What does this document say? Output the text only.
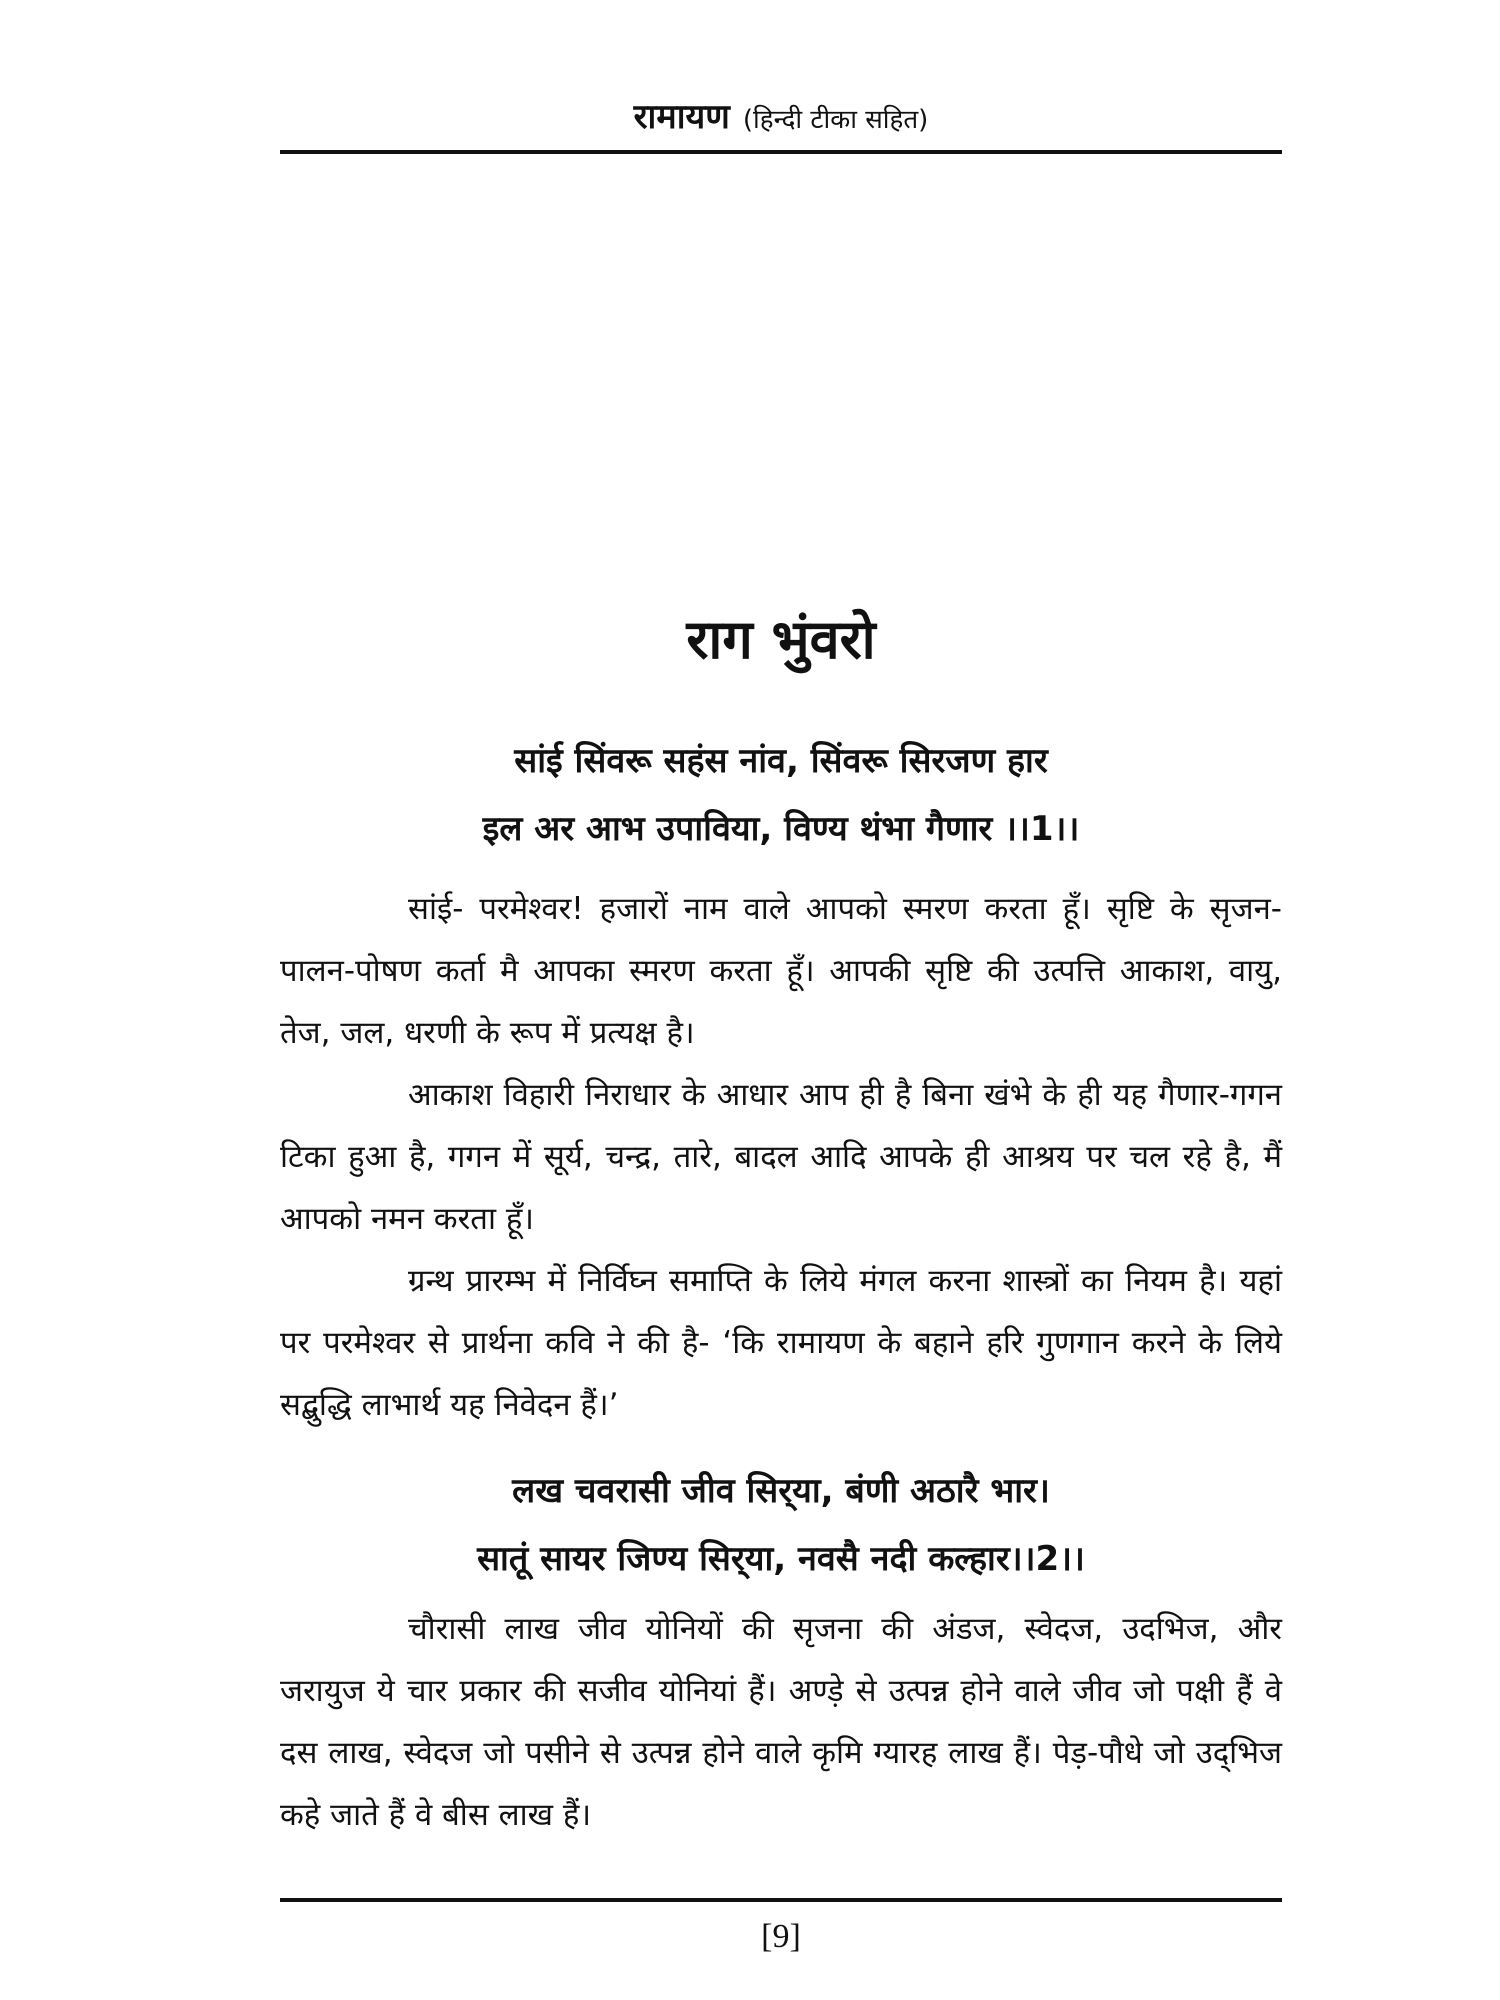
रामायण (हिन्दी टीका सहित)
राग भुंवरो
सांई सिंवरू सहंस नांव, सिंवरू सिरजण हार
इल अर आभ उपाविया, विण्य थंभा गैणार ।।1।।

सांई- परमेश्वर! हजारों नाम वाले आपको स्मरण करता हूँ। सृष्टि के सृजन-पालन-पोषण कर्ता मै आपका स्मरण करता हूँ। आपकी सृष्टि की उत्पत्ति आकाश, वायु, तेज, जल, धरणी के रूप में प्रत्यक्ष है।

आकाश विहारी निराधार के आधार आप ही है बिना खंभे के ही यह गैणार-गगन टिका हुआ है, गगन में सूर्य, चन्द्र, तारे, बादल आदि आपके ही आश्रय पर चल रहे है, मैं आपको नमन करता हूँ।

ग्रन्थ प्रारम्भ में निर्विघ्न समाप्ति के लिये मंगल करना शास्त्रों का नियम है। यहां पर परमेश्वर से प्रार्थना कवि ने की है- ‘कि रामायण के बहाने हरि गुणगान करने के लिये सद्बुद्धि लाभार्थ यह निवेदन हैं।’

लख चवरासी जीव सिर्‌या, बंणी अठारै भार।
सातूं सायर जिण्य सिर्‌या, नवसै नदी कल्हार।।2।।

चौरासी लाख जीव योनियों की सृजना की अंडज, स्वेदज, उदभिज, और जरायुज ये चार प्रकार की सजीव योनियां हैं। अण्ड़े से उत्पन्न होने वाले जीव जो पक्षी हैं वे दस लाख, स्वेदज जो पसीने से उत्पन्न होने वाले कृमि ग्यारह लाख हैं। पेड़-पौधे जो उद्‌भिज कहे जाते हैं वे बीस लाख हैं।

[9]
